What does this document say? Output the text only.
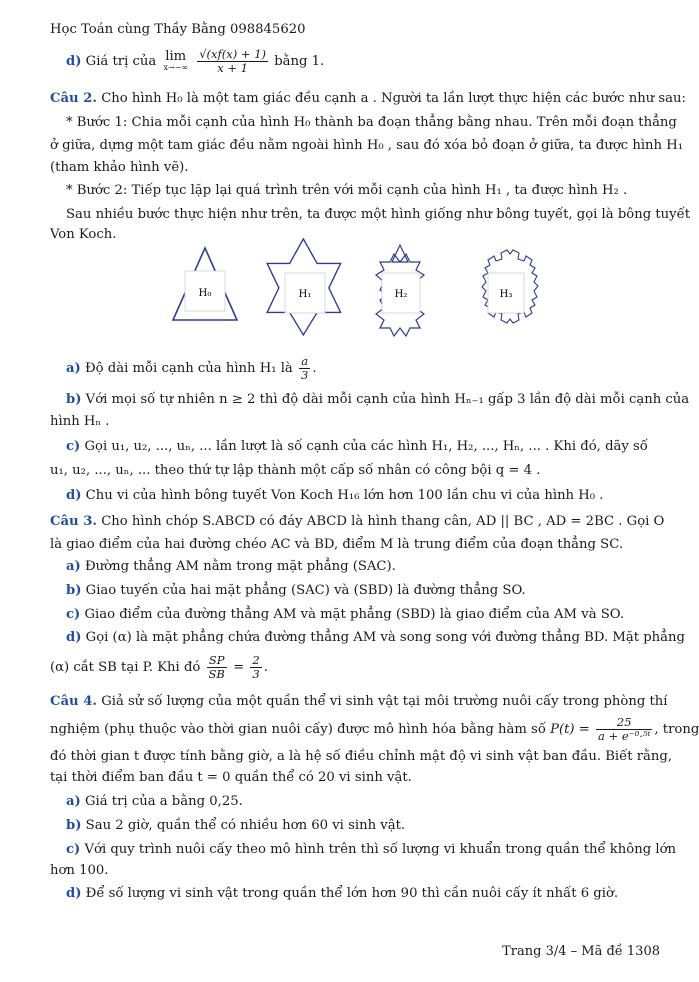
Học Toán cùng Thầy Bằng 098845620
d) Giá trị của lim
x→−∞
$\frac{√(xf(x) + 1)}{x + 1}$ bằng 1.
Câu 2. Cho hình H₀ là một tam giác đều cạnh a . Người ta lần lượt thực hiện các bước như sau:
* Bước 1: Chia mỗi cạnh của hình H₀ thành ba đoạn thẳng bằng nhau. Trên mỗi đoạn thẳng
ở giữa, dựng một tam giác đều nằm ngoài hình H₀ , sau đó xóa bỏ đoạn ở giữa, ta được hình H₁
(tham khảo hình vẽ).
* Bước 2: Tiếp tục lặp lại quá trình trên với mỗi cạnh của hình H₁ , ta được hình H₂ .
Sau nhiều bước thực hiện như trên, ta được một hình giống như bông tuyết, gọi là bông tuyết
Von Koch.
H₀	H₁	H₂	H₃
a) Độ dài mỗi cạnh của hình H₁ là $\frac{a}{3}$ .
b) Với mọi số tự nhiên n ≥ 2 thì độ dài mỗi cạnh của hình Hₙ₋₁ gấp 3 lần độ dài mỗi cạnh của
hình Hₙ .
c) Gọi u₁, u₂, ..., uₙ, ... lần lượt là số cạnh của các hình H₁, H₂, ..., Hₙ, ... . Khi đó, dãy số
u₁, u₂, ..., uₙ, ... theo thứ tự lập thành một cấp số nhân có công bội q = 4 .
d) Chu vi của hình bông tuyết Von Koch H₁₆ lớn hơn 100 lần chu vi của hình H₀ .
Câu 3. Cho hình chóp S.ABCD có đáy ABCD là hình thang cân, AD || BC , AD = 2BC . Gọi O
là giao điểm của hai đường chéo AC và BD, điểm M là trung điểm của đoạn thẳng SC.
a) Đường thẳng AM nằm trong mặt phẳng (SAC).
b) Giao tuyến của hai mặt phẳng (SAC) và (SBD) là đường thẳng SO.
c) Giao điểm của đường thẳng AM và mặt phẳng (SBD) là giao điểm của AM và SO.
d) Gọi (α) là mặt phẳng chứa đường thẳng AM và song song với đường thẳng BD. Mặt phẳng
(α) cắt SB tại P. Khi đó $\frac{SP}{SB} = \frac{2}{3}$ .
Câu 4. Giả sử số lượng của một quần thể vi sinh vật tại môi trường nuôi cấy trong phòng thí
nghiệm (phụ thuộc vào thời gian nuôi cấy) được mô hình hóa bằng hàm số $P(t) = \frac{25}{\text{a + e⁻⁰·⁵ᵗ}}$ , trong
đó thời gian t được tính bằng giờ, a là hệ số điều chỉnh mật độ vi sinh vật ban đầu. Biết rằng,
tại thời điểm ban đầu t = 0 quần thể có 20 vi sinh vật.
a) Giá trị của a bằng 0,25.
b) Sau 2 giờ, quần thể có nhiều hơn 60 vi sinh vật.
c) Với quy trình nuôi cấy theo mô hình trên thì số lượng vi khuẩn trong quần thể không lớn
hơn 100.
d) Để số lượng vi sinh vật trong quần thể lớn hơn 90 thì cần nuôi cấy ít nhất 6 giờ.
Trang 3/4 – Mã đề 1308
